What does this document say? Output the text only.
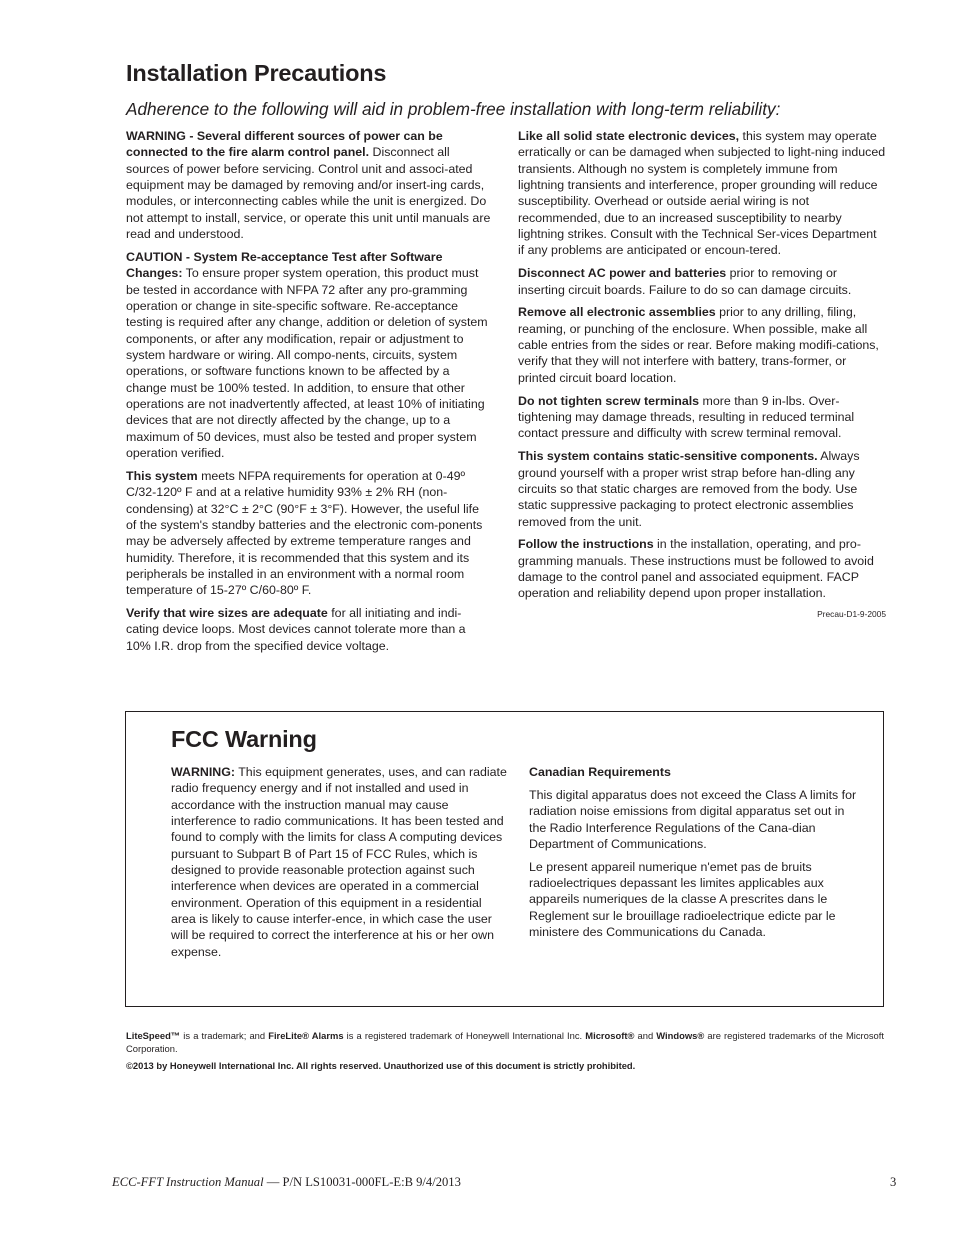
Installation Precautions

Adherence to the following will aid in problem-free installation with long-term reliability:

WARNING - Several different sources of power can be connected to the fire alarm control panel. Disconnect all sources of power before servicing. Control unit and associ-ated equipment may be damaged by removing and/or insert-ing cards, modules, or interconnecting cables while the unit is energized. Do not attempt to install, service, or operate this unit until manuals are read and understood.

CAUTION - System Re-acceptance Test after Software Changes: To ensure proper system operation, this product must be tested in accordance with NFPA 72 after any pro-gramming operation or change in site-specific software. Re-acceptance testing is required after any change, addition or deletion of system components, or after any modification, repair or adjustment to system hardware or wiring. All compo-nents, circuits, system operations, or software functions known to be affected by a change must be 100% tested. In addition, to ensure that other operations are not inadvertently affected, at least 10% of initiating devices that are not directly affected by the change, up to a maximum of 50 devices, must also be tested and proper system operation verified.

This system meets NFPA requirements for operation at 0-49º C/32-120º F and at a relative humidity 93% ± 2% RH (non-condensing) at 32°C ± 2°C (90°F ± 3°F). However, the useful life of the system's standby batteries and the electronic com-ponents may be adversely affected by extreme temperature ranges and humidity. Therefore, it is recommended that this system and its peripherals be installed in an environment with a normal room temperature of 15-27º C/60-80º F.

Verify that wire sizes are adequate for all initiating and indi-cating device loops. Most devices cannot tolerate more than a 10% I.R. drop from the specified device voltage.

Like all solid state electronic devices, this system may operate erratically or can be damaged when subjected to light-ning induced transients. Although no system is completely immune from lightning transients and interference, proper grounding will reduce susceptibility. Overhead or outside aerial wiring is not recommended, due to an increased susceptibility to nearby lightning strikes. Consult with the Technical Ser-vices Department if any problems are anticipated or encoun-tered.

Disconnect AC power and batteries prior to removing or inserting circuit boards. Failure to do so can damage circuits.

Remove all electronic assemblies prior to any drilling, filing, reaming, or punching of the enclosure. When possible, make all cable entries from the sides or rear. Before making modifi-cations, verify that they will not interfere with battery, trans-former, or printed circuit board location.

Do not tighten screw terminals more than 9 in-lbs. Over-tightening may damage threads, resulting in reduced terminal contact pressure and difficulty with screw terminal removal.

This system contains static-sensitive components. Always ground yourself with a proper wrist strap before han-dling any circuits so that static charges are removed from the body. Use static suppressive packaging to protect electronic assemblies removed from the unit.

Follow the instructions in the installation, operating, and pro-gramming manuals. These instructions must be followed to avoid damage to the control panel and associated equipment. FACP operation and reliability depend upon proper installation.

Precau-D1-9-2005
FCC Warning

WARNING: This equipment generates, uses, and can radiate radio frequency energy and if not installed and used in accordance with the instruction manual may cause interference to radio communications. It has been tested and found to comply with the limits for class A computing devices pursuant to Subpart B of Part 15 of FCC Rules, which is designed to provide reasonable protection against such interference when devices are operated in a commercial environment. Operation of this equipment in a residential area is likely to cause interfer-ence, in which case the user will be required to correct the interference at his or her own expense.

Canadian Requirements

This digital apparatus does not exceed the Class A limits for radiation noise emissions from digital apparatus set out in the Radio Interference Regulations of the Cana-dian Department of Communications.

Le present appareil numerique n'emet pas de bruits radioelectriques depassant les limites applicables aux appareils numeriques de la classe A prescrites dans le Reglement sur le brouillage radioelectrique edicte par le ministere des Communications du Canada.

LiteSpeed™ is a trademark; and FireLite® Alarms is a registered trademark of Honeywell International Inc. Microsoft® and Windows® are registered trademarks of the Microsoft Corporation.
©2013 by Honeywell International Inc. All rights reserved. Unauthorized use of this document is strictly prohibited.
ECC-FFT Instruction Manual — P/N LS10031-000FL-E:B 9/4/2013	3
